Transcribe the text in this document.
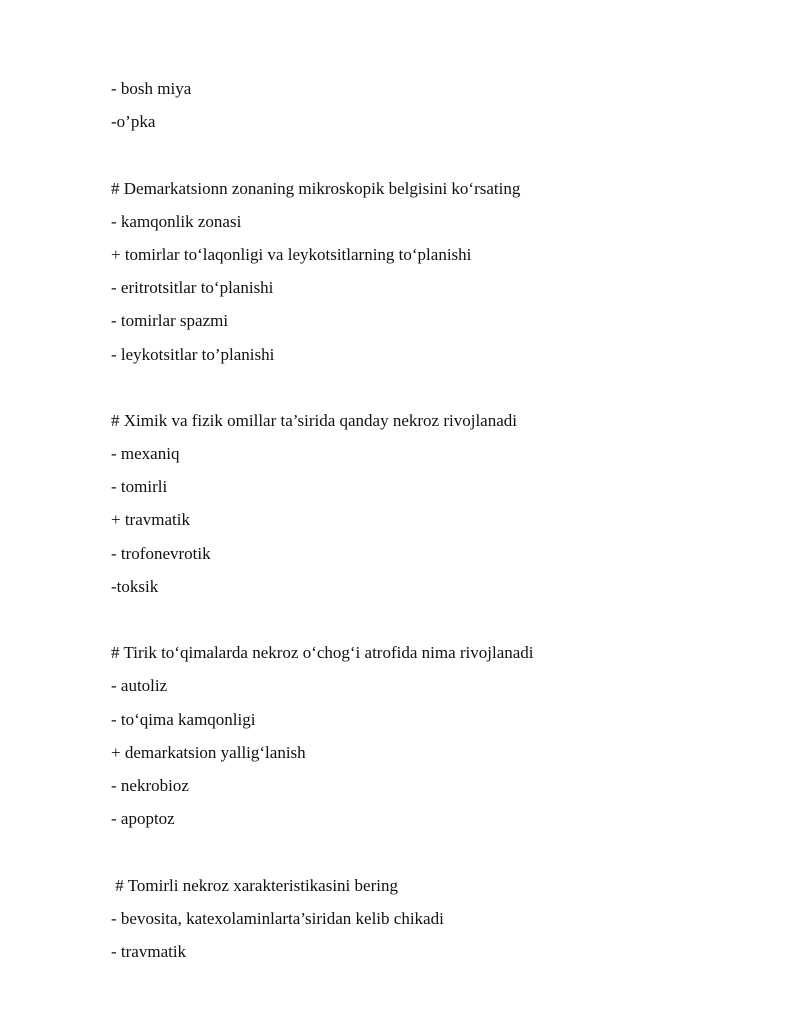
- bosh miya
-o’pka
# Demarkatsionn zonaning mikroskopik belgisini ko‘rsating
- kamqonlik zonasi
+ tomirlar to‘laqonligi va leykotsitlarning to‘planishi
- eritrotsitlar to‘planishi
- tomirlar spazmi
- leykotsitlar to’planishi
# Ximik va fizik omillar ta’sirida qanday nekroz rivojlanadi
- mexaniq
- tomirli
+ travmatik
- trofonevrotik
-toksik
# Tirik to‘qimalarda nekroz o‘chog‘i atrofida nima rivojlanadi
- autoliz
- to‘qima kamqonligi
+ demarkatsion yallig‘lanish
- nekrobioz
- apoptoz
# Tomirli nekroz xarakteristikasini bering
- bevosita, katexolaminlarta’siridan kelib chikadi
- travmatik
